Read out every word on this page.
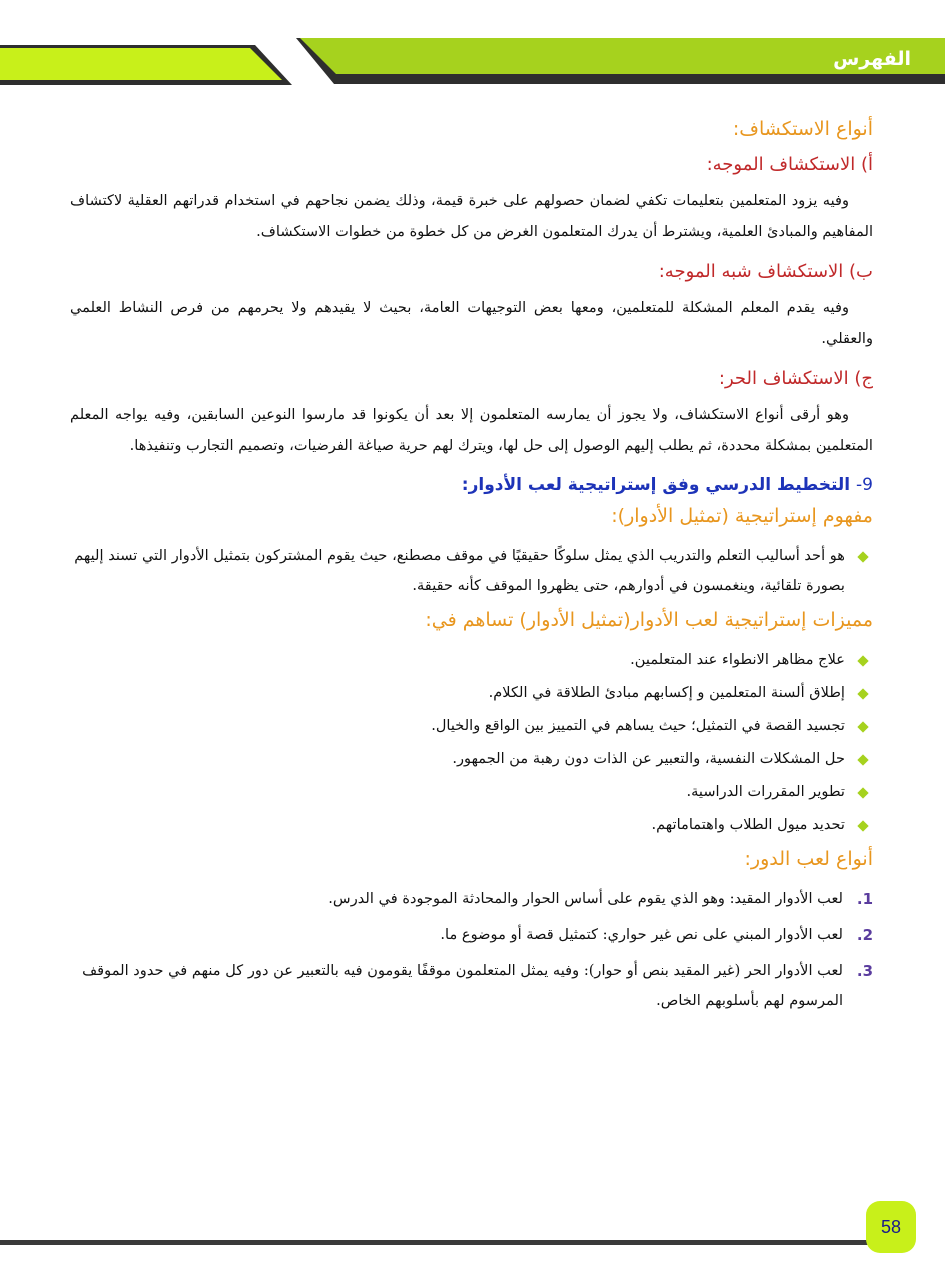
الفهرس
أنواع الاستكشاف:
أ) الاستكشاف الموجه:

وفيه يزود المتعلمين بتعليمات تكفي لضمان حصولهم على خبرة قيمة، وذلك يضمن نجاحهم في استخدام قدراتهم العقلية لاكتشاف المفاهيم والمبادئ العلمية، ويشترط أن يدرك المتعلمون الغرض من كل خطوة من خطوات الاستكشاف.

ب) الاستكشاف شبه الموجه:

وفيه يقدم المعلم المشكلة للمتعلمين، ومعها بعض التوجيهات العامة، بحيث لا يقيدهم ولا يحرمهم من فرص النشاط العلمي والعقلي.

ج) الاستكشاف الحر:

وهو أرقى أنواع الاستكشاف، ولا يجوز أن يمارسه المتعلمون إلا بعد أن يكونوا قد مارسوا النوعين السابقين، وفيه يواجه المعلم المتعلمين بمشكلة محددة، ثم يطلب إليهم الوصول إلى حل لها، ويترك لهم حرية صياغة الفرضيات، وتصميم التجارب وتنفيذها.

9- التخطيط الدرسي وفق إستراتيجية لعب الأدوار:
مفهوم إستراتيجية (تمثيل الأدوار):
هو أحد أساليب التعلم والتدريب الذي يمثل سلوكًا حقيقيًا في موقف مصطنع، حيث يقوم المشتركون بتمثيل الأدوار التي تسند إليهم بصورة تلقائية، وينغمسون في أدوارهم، حتى يظهروا الموقف كأنه حقيقة.
مميزات إستراتيجية لعب الأدوار(تمثيل الأدوار) تساهم في:
علاج مظاهر الانطواء عند المتعلمين.
إطلاق ألسنة المتعلمين و إكسابهم مبادئ الطلاقة في الكلام.
تجسيد القصة في التمثيل؛ حيث يساهم في التمييز بين الواقع والخيال.
حل المشكلات النفسية، والتعبير عن الذات دون رهبة من الجمهور.
تطوير المقررات الدراسية.
تحديد ميول الطلاب واهتماماتهم.
أنواع لعب الدور:
1.
لعب الأدوار المقيد: وهو الذي يقوم على أساس الحوار والمحادثة الموجودة في الدرس.
2.
لعب الأدوار المبني على نص غير حواري: كتمثيل قصة أو موضوع ما.
3.
لعب الأدوار الحر (غير المقيد بنص أو حوار): وفيه يمثل المتعلمون موقفًا يقومون فيه بالتعبير عن دور كل منهم في حدود الموقف المرسوم لهم بأسلوبهم الخاص.
58
